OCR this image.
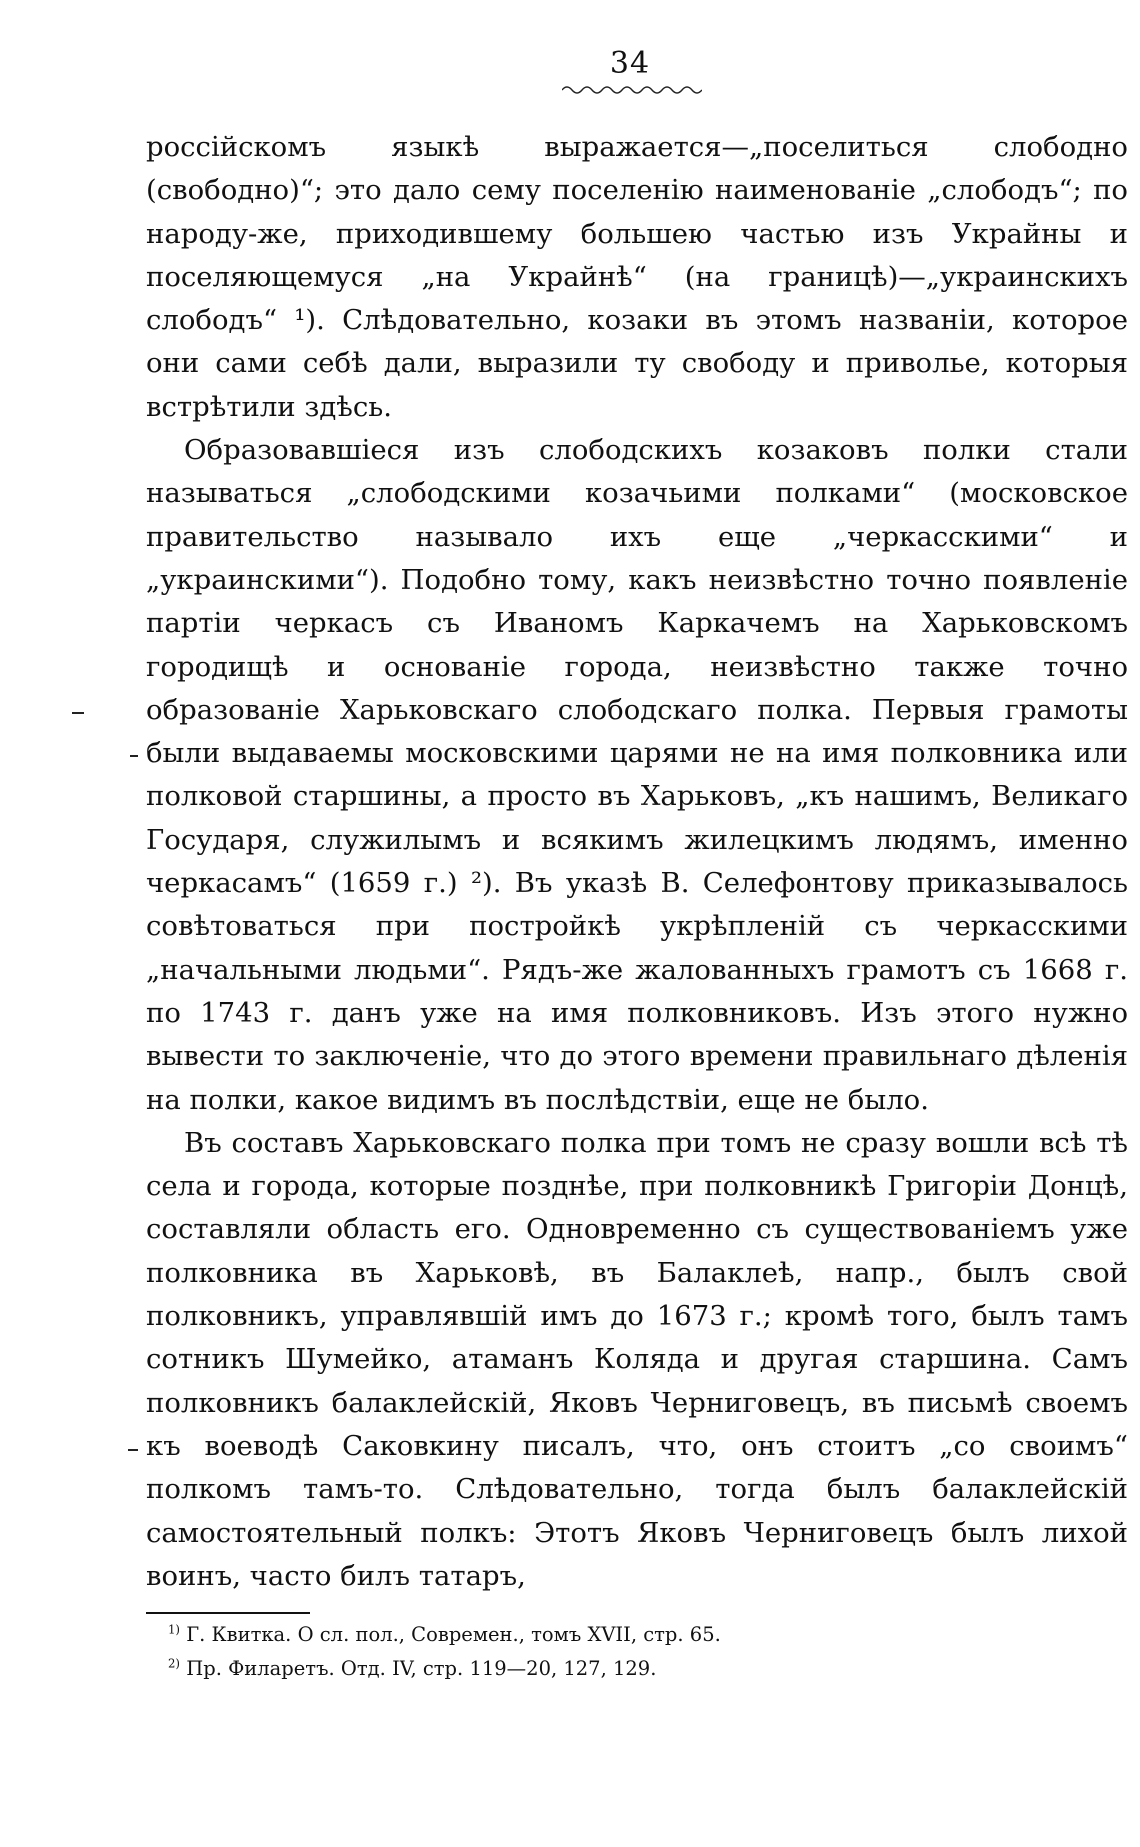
34

россійскомъ языкѣ выражается—„поселиться слободно (свободно)“; это дало сему поселенію наименованіе „слободъ“; по народу-же, приходившему большею частью изъ Украйны и поселяющемуся „на Украйнѣ“ (на границѣ)—„украинскихъ слободъ“ ¹). Слѣдовательно, козаки въ этомъ названіи, которое они сами себѣ дали, выразили ту свободу и приволье, которыя встрѣтили здѣсь.

Образовавшіеся изъ слободскихъ козаковъ полки стали называться „слободскими козачьими полками“ (московское правительство называло ихъ еще „черкасскими“ и „украинскими“). Подобно тому, какъ неизвѣстно точно появленіе партіи черкасъ съ Иваномъ Каркачемъ на Харьковскомъ городищѣ и основаніе города, неизвѣстно также точно образованіе Харьковскаго слободскаго полка. Первыя грамоты были выдаваемы московскими царями не на имя полковника или полковой старшины, а просто въ Харьковъ, „къ нашимъ, Великаго Государя, служилымъ и всякимъ жилецкимъ людямъ, именно черкасамъ“ (1659 г.) ²). Въ указѣ В. Селефонтову приказывалось совѣтоваться при постройкѣ укрѣпленій съ черкасскими „начальными людьми“. Рядъ-же жалованныхъ грамотъ съ 1668 г. по 1743 г. данъ уже на имя полковниковъ. Изъ этого нужно вывести то заключеніе, что до этого времени правильнаго дѣленія на полки, какое видимъ въ послѣдствіи, еще не было.

Въ составъ Харьковскаго полка при томъ не сразу вошли всѣ тѣ села и города, которые позднѣе, при полковникѣ Григоріи Донцѣ, составляли область его. Одновременно съ существованіемъ уже полковника въ Харьковѣ, въ Балаклеѣ, напр., былъ свой полковникъ, управлявшій имъ до 1673 г.; кромѣ того, былъ тамъ сотникъ Шумейко, атаманъ Коляда и другая старшина. Самъ полковникъ балаклейскій, Яковъ Черниговецъ, въ письмѣ своемъ къ воеводѣ Саковкину писалъ, что, онъ стоитъ „со своимъ“ полкомъ тамъ-то. Слѣдовательно, тогда былъ балаклейскій самостоятельный полкъ: Этотъ Яковъ Черниговецъ былъ лихой воинъ, часто билъ татаръ,

$^{1)}$ Г. Квитка. О сл. пол., Современ., томъ XVII, стр. 65.
$^{2)}$ Пр. Филаретъ. Отд. IV, стр. 119—20, 127, 129.
